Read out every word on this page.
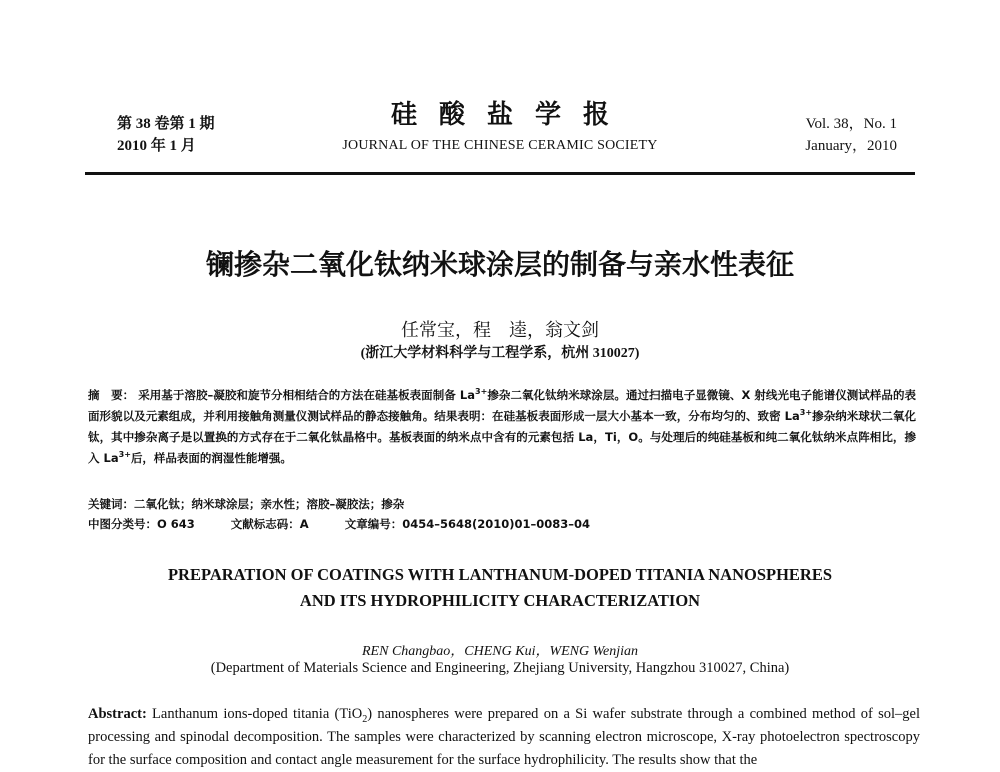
第 38 卷第 1 期
2010 年 1 月
硅酸盐学报
JOURNAL OF THE CHINESE CERAMIC SOCIETY
Vol. 38，No. 1
January，2010
镧掺杂二氧化钛纳米球涂层的制备与亲水性表征
任常宝，程　逵，翁文剑
(浙江大学材料科学与工程学系，杭州 310027)
摘　要： 采用基于溶胶–凝胶和旋节分相相结合的方法在硅基板表面制备 $La^{3+}$掺杂二氧化钛纳米球涂层。通过扫描电子显微镜、X 射线光电子能谱仪测试样品的表面形貌以及元素组成，并利用接触角测量仪测试样品的静态接触角。结果表明：在硅基板表面形成一层大小基本一致，分布均匀的、致密 $La^{3+}$掺杂纳米球状二氧化钛，其中掺杂离子是以置换的方式存在于二氧化钛晶格中。基板表面的纳米点中含有的元素包括 La，Ti，O。与处理后的纯硅基板和纯二氧化钛纳米点阵相比，掺入 $La^{3+}$后，样品表面的润湿性能增强。
关键词：二氧化钛；纳米球涂层；亲水性；溶胶–凝胶法；掺杂
中图分类号：O 643	文献标志码：A	文章编号：0454–5648(2010)01–0083–04
PREPARATION OF COATINGS WITH LANTHANUM-DOPED TITANIA NANOSPHERES
AND ITS HYDROPHILICITY CHARACTERIZATION
REN Changbao，CHENG Kui，WENG Wenjian
(Department of Materials Science and Engineering, Zhejiang University, Hangzhou 310027, China)
Abstract: Lanthanum ions-doped titania (TiO$_2$) nanospheres were prepared on a Si wafer substrate through a combined method of sol–gel processing and spinodal decomposition. The samples were characterized by scanning electron microscope, X-ray photoelectron spectroscopy for the surface composition and contact angle measurement for the surface hydrophilicity. The results show that the
